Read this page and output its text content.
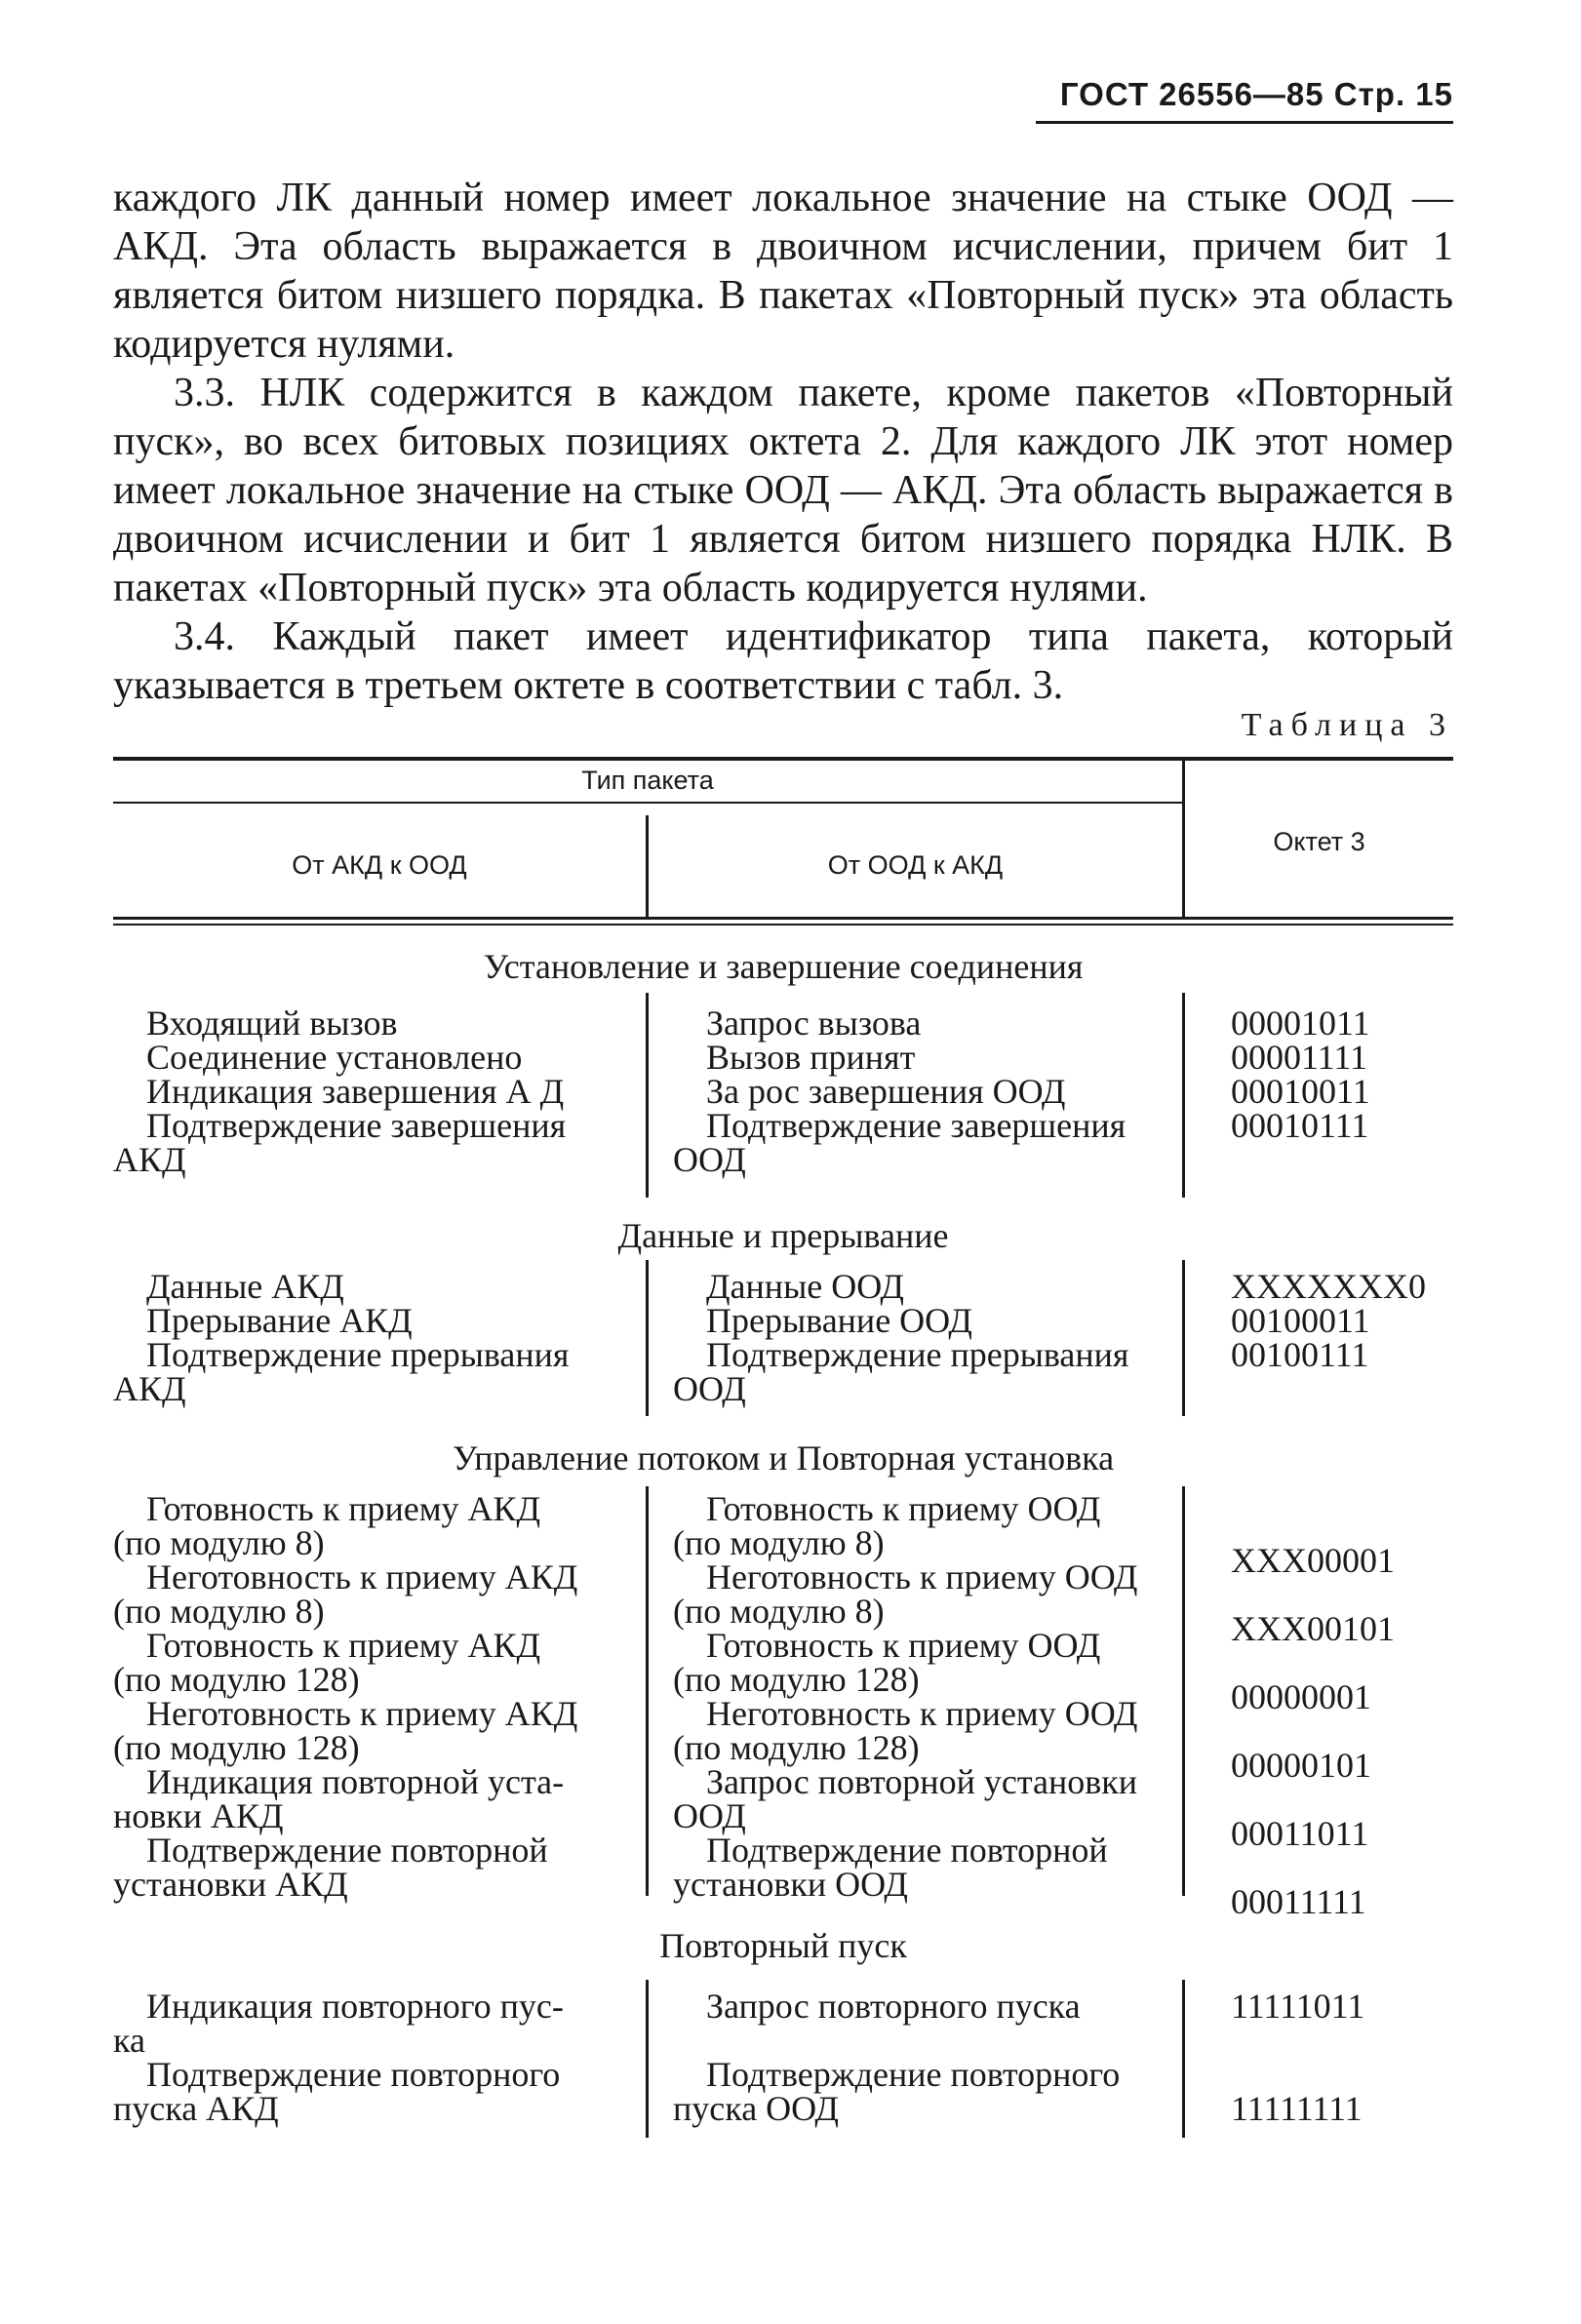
ГОСТ 26556—85 Стр. 15

каждого ЛК данный номер имеет локальное значение на стыке ООД — АКД. Эта область выражается в двоичном исчислении, причем бит 1 является битом низшего порядка. В пакетах «Повторный пуск» эта область кодируется нулями.

3.3. НЛК содержится в каждом пакете, кроме пакетов «Повторный пуск», во всех битовых позициях октета 2. Для каждого ЛК этот номер имеет локальное значение на стыке ООД — АКД. Эта область выражается в двоичном исчислении и бит 1 является битом низшего порядка НЛК. В пакетах «Повторный пуск» эта область кодируется нулями.

3.4. Каждый пакет имеет идентификатор типа пакета, который указывается в третьем октете в соответствии с табл. 3.

Таблица 3
Тип пакета
От АКД к ООД	От ООД к АКД
Октет 3
Установление и завершение соединения
Входящий вызов
Соединение установлено
Индикация завершения А Д
Подтверждение завершения
АКД
Запрос вызова
Вызов принят
За рос завершения ООД
Подтверждение завершения
ООД
00001011
00001111
00010011
00010111
Данные и прерывание
Данные АКД
Прерывание АКД
Подтверждение прерывания
АКД
Данные ООД
Прерывание ООД
Подтверждение прерывания
ООД
XXXXXXX0
00100011
00100111
Управление потоком и Повторная установка
Готовность к приему АКД
(по модулю 8)
Неготовность к приему АКД
(по модулю 8)
Готовность к приему АКД
(по модулю 128)
Неготовность к приему АКД
(по модулю 128)
Индикация повторной уста-
новки АКД
Подтверждение повторной
установки АКД
Готовность к приему ООД
(по модулю 8)
Неготовность к приему ООД
(по модулю 8)
Готовность к приему ООД
(по модулю 128)
Неготовность к приему ООД
(по модулю 128)
Запрос повторной установки
ООД
Подтверждение повторной
установки ООД
XXX00001
XXX00101
00000001
00000101
00011011
00011111
Повторный пуск
Индикация повторного пус-
ка
Подтверждение повторного
пуска АКД
Запрос повторного пуска
Подтверждение повторного
пуска ООД
11111011
11111111
